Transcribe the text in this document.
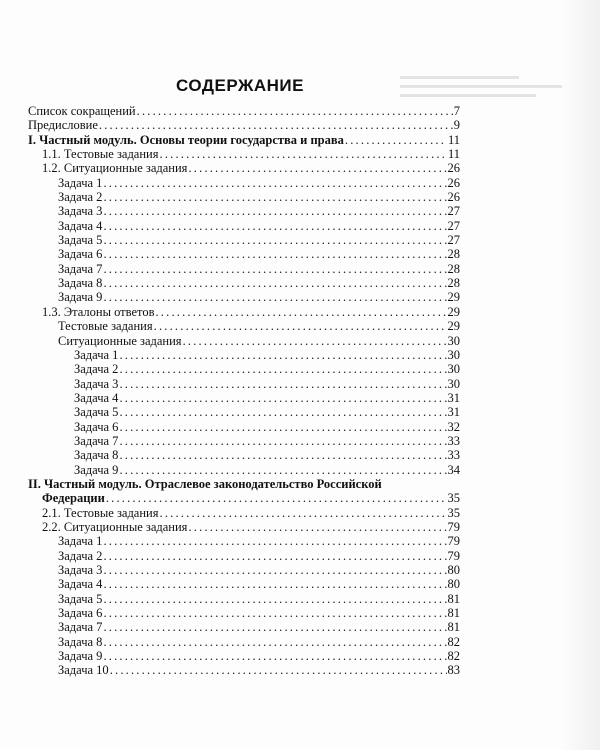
СОДЕРЖАНИЕ
Список сокращений .....	7
Предисловие .....	9
I. Частный модуль. Основы теории государства и права .....	11
1.1. Тестовые задания .....	11
1.2. Ситуационные задания .....	26
Задача 1 .....	26
Задача 2 .....	26
Задача 3 .....	27
Задача 4 .....	27
Задача 5 .....	27
Задача 6 .....	28
Задача 7 .....	28
Задача 8 .....	28
Задача 9 .....	29
1.3. Эталоны ответов .....	29
Тестовые задания .....	29
Ситуационные задания .....	30
Задача 1 .....	30
Задача 2 .....	30
Задача 3 .....	30
Задача 4 .....	31
Задача 5 .....	31
Задача 6 .....	32
Задача 7 .....	33
Задача 8 .....	33
Задача 9 .....	34
II. Частный модуль. Отраслевое законодательство Российской
Федерации .....	35
2.1. Тестовые задания .....	35
2.2. Ситуационные задания .....	79
Задача 1 .....	79
Задача 2 .....	79
Задача 3 .....	80
Задача 4 .....	80
Задача 5 .....	81
Задача 6 .....	81
Задача 7 .....	81
Задача 8 .....	82
Задача 9 .....	82
Задача 10 .....	83
